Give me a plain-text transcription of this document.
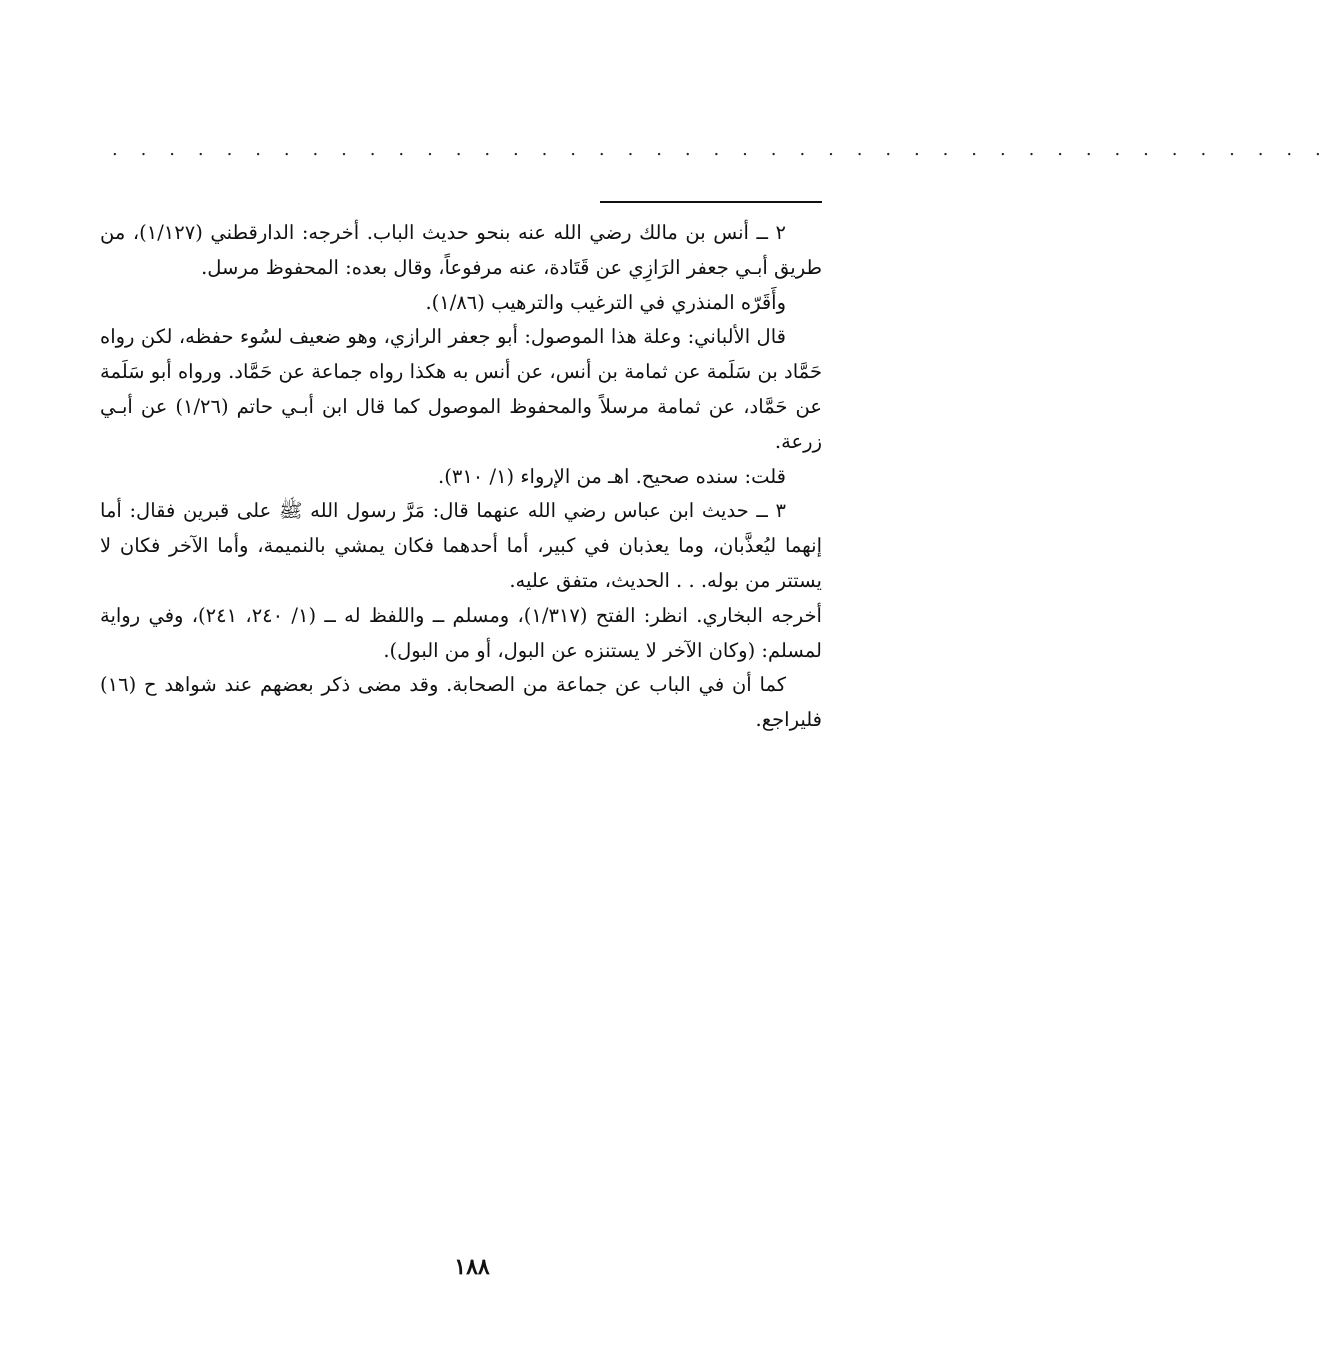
. . . . . . . . . . . . . . . . . . . . . . . . . . . . . . . . . . . . . . . . . . .

٢ ــ أنس بن مالك رضي الله عنه بنحو حديث الباب. أخرجه: الدارقطني (١/١٢٧)، من طريق أبـي جعفر الرَازِي عن قَتَادة، عنه مرفوعاً، وقال بعده: المحفوظ مرسل.

وأَقَرّه المنذري في الترغيب والترهيب (١/٨٦).

قال الألباني: وعلة هذا الموصول: أبو جعفر الرازي، وهو ضعيف لسُوء حفظه، لكن رواه حَمَّاد بن سَلَمة عن ثمامة بن أنس، عن أنس به هكذا رواه جماعة عن حَمَّاد. ورواه أبو سَلَمة عن حَمَّاد، عن ثمامة مرسلاً والمحفوظ الموصول كما قال ابن أبـي حاتم (١/٢٦) عن أبـي زرعة.

قلت: سنده صحيح. اهـ من الإرواء (١/ ٣١٠).

٣ ــ حديث ابن عباس رضي الله عنهما قال: مَرَّ رسول الله ﷺ على قبرين فقال: أما إنهما ليُعذَّبان، وما يعذبان في كبير، أما أحدهما فكان يمشي بالنميمة، وأما الآخر فكان لا يستتر من بوله. . . الحديث، متفق عليه.

أخرجه البخاري. انظر: الفتح (١/٣١٧)، ومسلم ــ واللفظ له ــ (١/ ٢٤٠، ٢٤١)، وفي رواية لمسلم: (وكان الآخر لا يستنزه عن البول، أو من البول).

كما أن في الباب عن جماعة من الصحابة. وقد مضى ذكر بعضهم عند شواهد ح (١٦) فليراجع.

١٨٨
